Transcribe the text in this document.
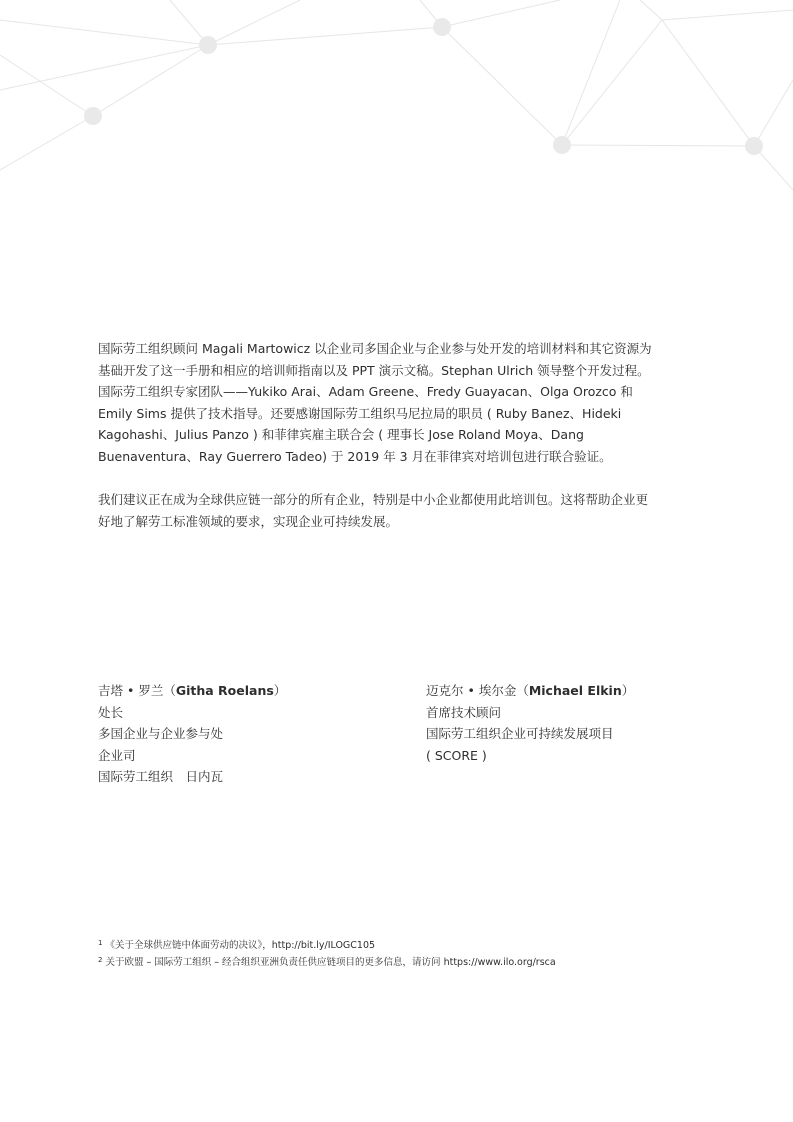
国际劳工组织顾问 Magali Martowicz 以企业司多国企业与企业参与处开发的培训材料和其它资源为基础开发了这一手册和相应的培训师指南以及 PPT 演示文稿。Stephan Ulrich 领导整个开发过程。国际劳工组织专家团队——Yukiko Arai、Adam Greene、Fredy Guayacan、Olga Orozco 和 Emily Sims 提供了技术指导。还要感谢国际劳工组织马尼拉局的职员 ( Ruby Banez、Hideki Kagohashi、Julius Panzo ) 和菲律宾雇主联合会 ( 理事长 Jose Roland Moya、Dang Buenaventura、Ray Guerrero Tadeo) 于 2019 年 3 月在菲律宾对培训包进行联合验证。
我们建议正在成为全球供应链一部分的所有企业，特别是中小企业都使用此培训包。这将帮助企业更好地了解劳工标准领域的要求，实现企业可持续发展。
吉塔 • 罗兰（Githa Roelans）
处长
多国企业与企业参与处
企业司
国际劳工组织　日内瓦
迈克尔 • 埃尔金（Michael Elkin）
首席技术顾问
国际劳工组织企业可持续发展项目
( SCORE )
$^1$ 《关于全球供应链中体面劳动的决议》，http://bit.ly/ILOGC105
$^2$ 关于欧盟 – 国际劳工组织 – 经合组织亚洲负责任供应链项目的更多信息，请访问 https://www.ilo.org/rsca
